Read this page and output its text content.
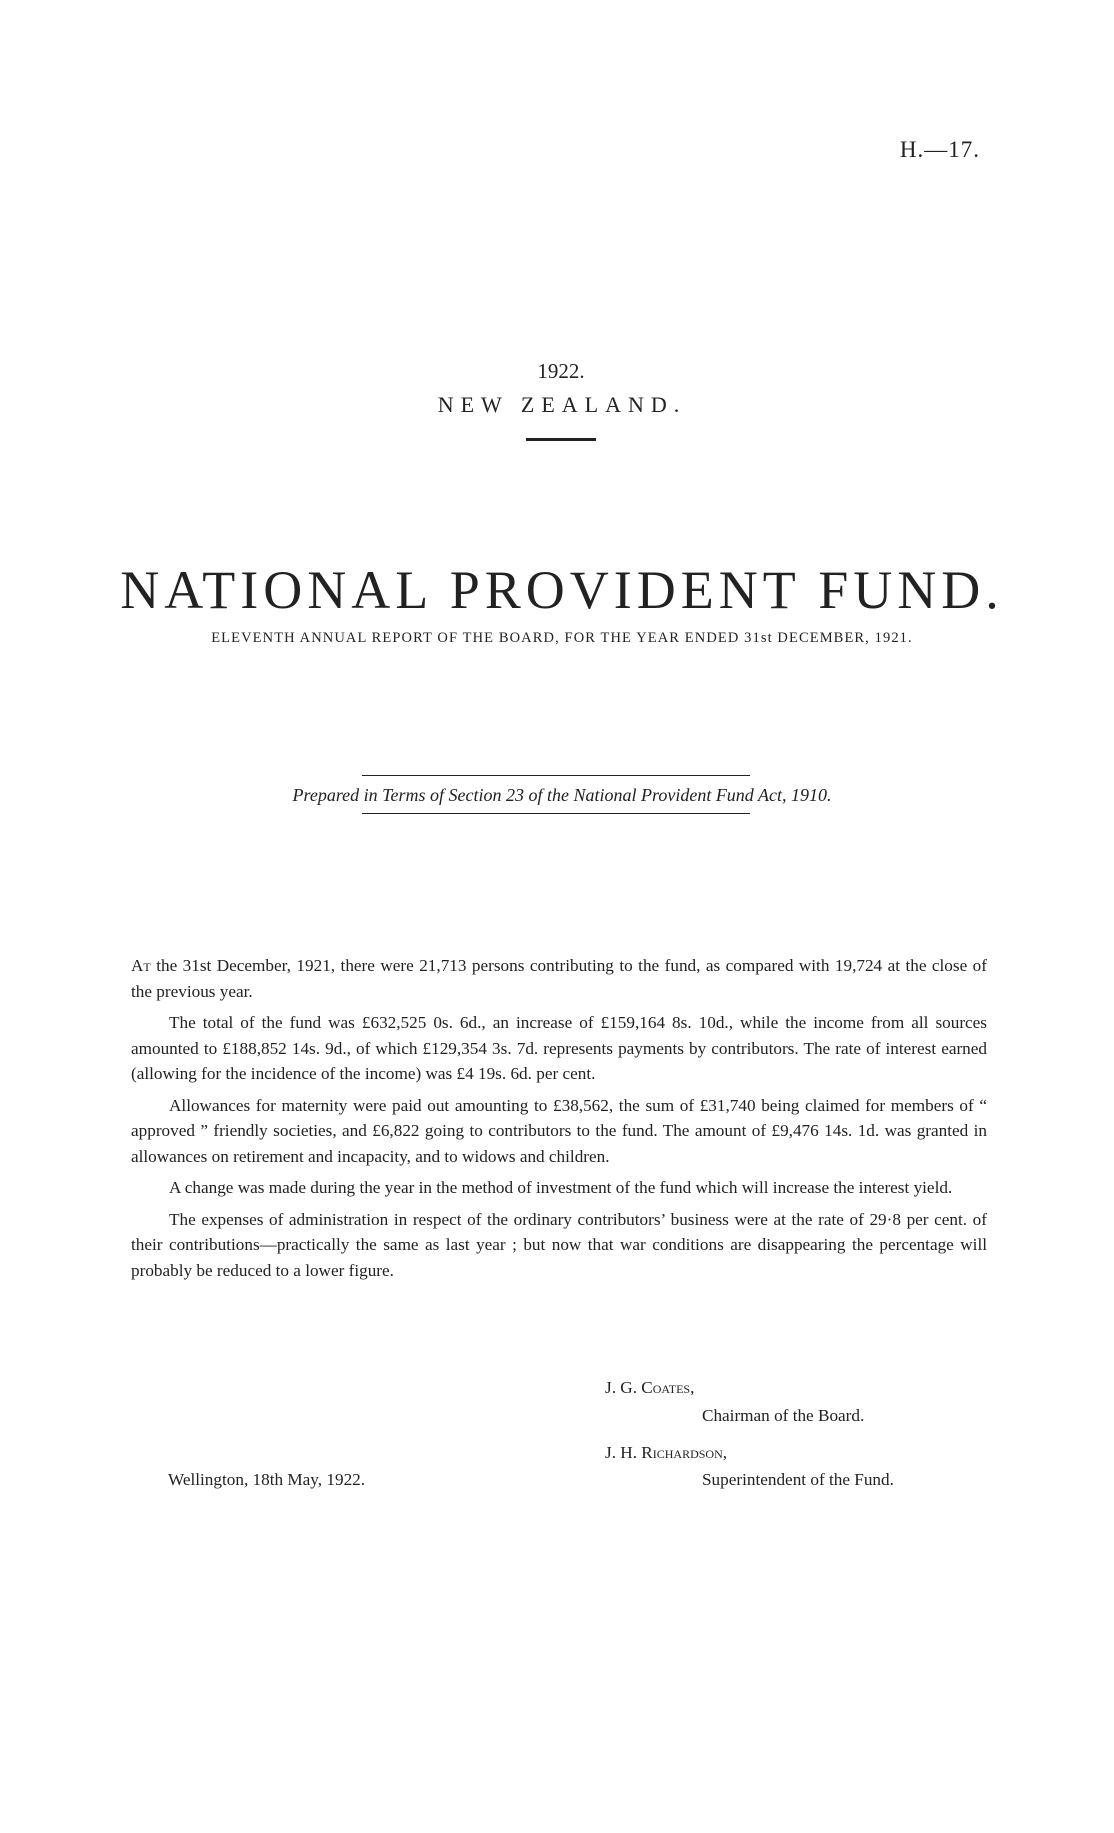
H.—17.
1922.
NEW ZEALAND.
NATIONAL PROVIDENT FUND.
ELEVENTH ANNUAL REPORT OF THE BOARD, FOR THE YEAR ENDED 31st DECEMBER, 1921.
Prepared in Terms of Section 23 of the National Provident Fund Act, 1910.

At the 31st December, 1921, there were 21,713 persons contributing to the fund, as compared with 19,724 at the close of the previous year.

The total of the fund was £632,525 0s. 6d., an increase of £159,164 8s. 10d., while the income from all sources amounted to £188,852 14s. 9d., of which £129,354 3s. 7d. represents payments by contributors. The rate of interest earned (allowing for the incidence of the income) was £4 19s. 6d. per cent.

Allowances for maternity were paid out amounting to £38,562, the sum of £31,740 being claimed for members of “ approved ” friendly societies, and £6,822 going to contributors to the fund. The amount of £9,476 14s. 1d. was granted in allowances on retirement and incapacity, and to widows and children.

A change was made during the year in the method of investment of the fund which will increase the interest yield.

The expenses of administration in respect of the ordinary contributors’ business were at the rate of 29·8 per cent. of their contributions—practically the same as last year ; but now that war conditions are disappearing the percentage will probably be reduced to a lower figure.

J. G. Coates,
Chairman of the Board.
J. H. Richardson,
Superintendent of the Fund.
Wellington, 18th May, 1922.
